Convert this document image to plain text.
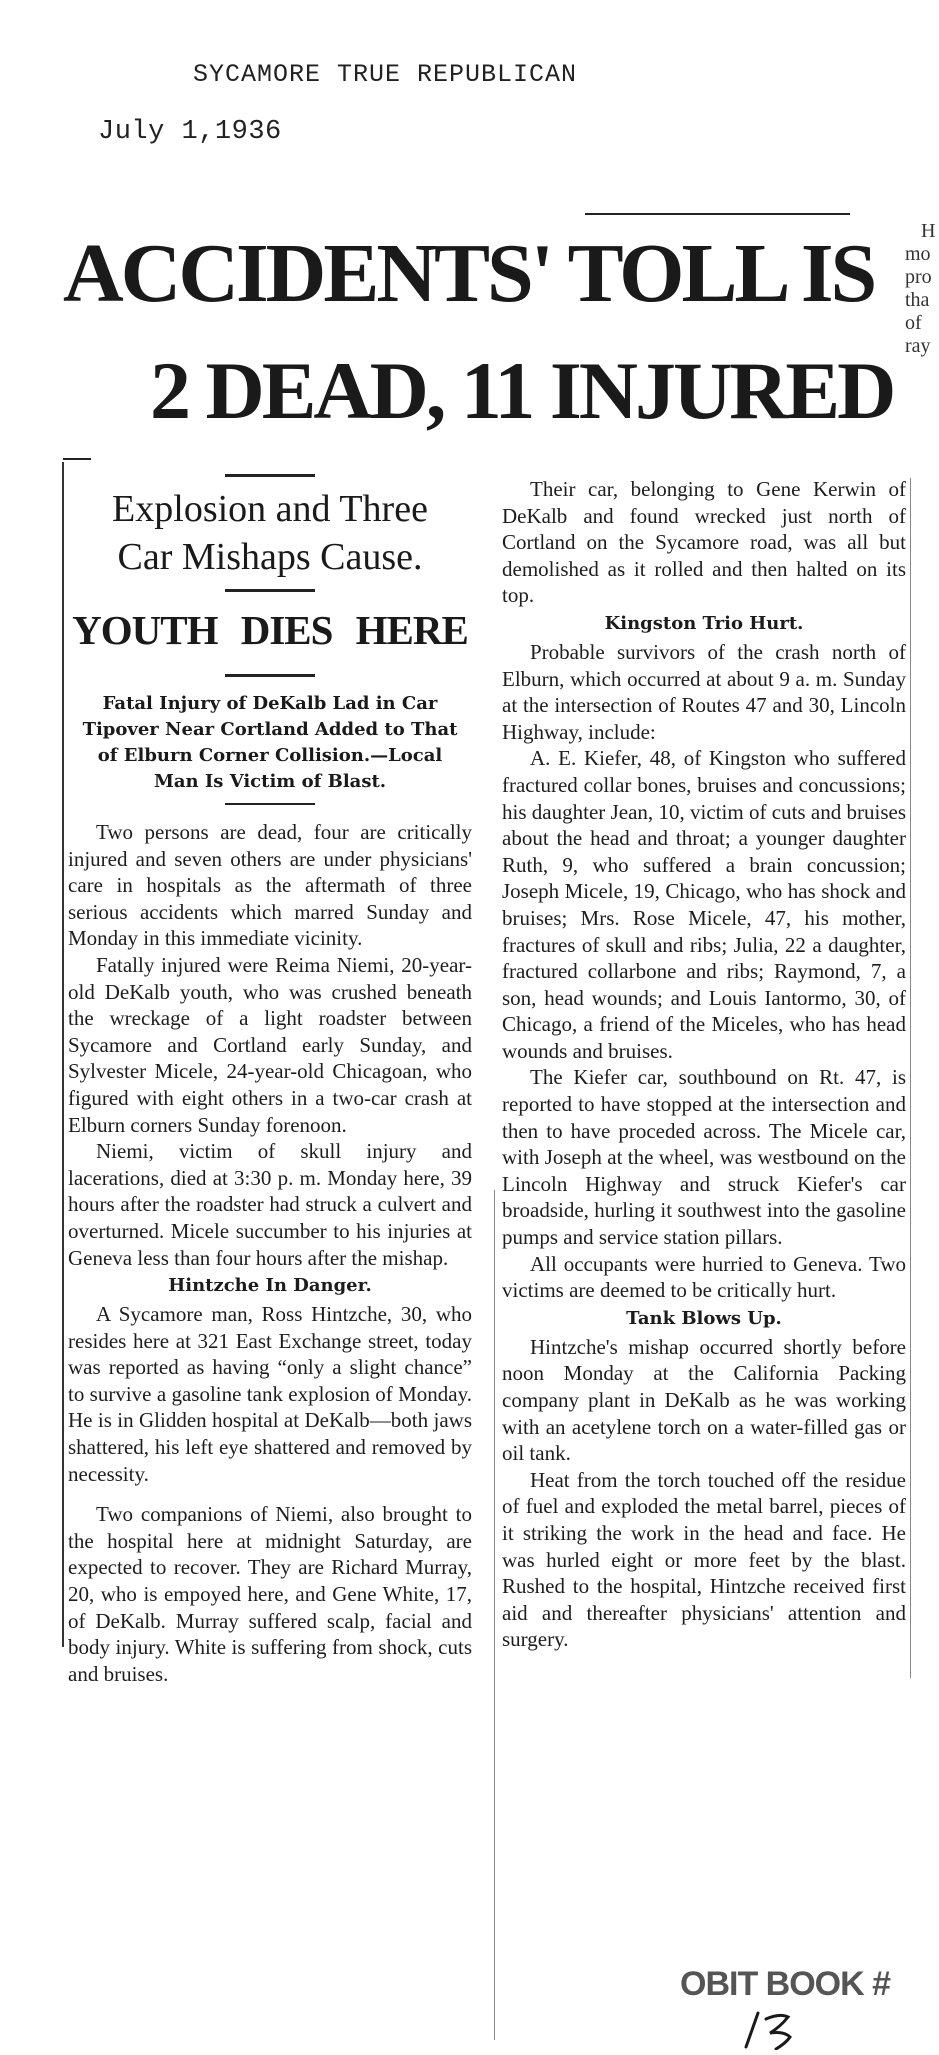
SYCAMORE TRUE REPUBLICAN
July 1,1936
ACCIDENTS' TOLL IS
2 DEAD, 11 INJURED
H
mo
pro
tha
of
ray
Explosion and Three
Car Mishaps Cause.
YOUTH DIES HERE
Fatal Injury of DeKalb Lad in Car Tipover Near Cortland Added to That of Elburn Corner Collision.—Local Man Is Victim of Blast.

Two persons are dead, four are critically injured and seven others are under physicians' care in hospitals as the aftermath of three serious accidents which marred Sunday and Monday in this immediate vicinity.

Fatally injured were Reima Niemi, 20-year-old DeKalb youth, who was crushed beneath the wreckage of a light roadster between Sycamore and Cortland early Sunday, and Sylvester Micele, 24-year-old Chicagoan, who figured with eight others in a two-car crash at Elburn corners Sunday forenoon.

Niemi, victim of skull injury and lacerations, died at 3:30 p. m. Monday here, 39 hours after the roadster had struck a culvert and overturned. Micele succumber to his injuries at Geneva less than four hours after the mishap.

Hintzche In Danger.

A Sycamore man, Ross Hintzche, 30, who resides here at 321 East Exchange street, today was reported as having “only a slight chance” to survive a gasoline tank explosion of Monday. He is in Glidden hospital at DeKalb—both jaws shattered, his left eye shattered and removed by necessity.

Two companions of Niemi, also brought to the hospital here at midnight Saturday, are expected to recover. They are Richard Murray, 20, who is empoyed here, and Gene White, 17, of DeKalb. Murray suffered scalp, facial and body injury. White is suffering from shock, cuts and bruises.

Their car, belonging to Gene Kerwin of DeKalb and found wrecked just north of Cortland on the Sycamore road, was all but demolished as it rolled and then halted on its top.

Kingston Trio Hurt.

Probable survivors of the crash north of Elburn, which occurred at about 9 a. m. Sunday at the intersection of Routes 47 and 30, Lincoln Highway, include:

A. E. Kiefer, 48, of Kingston who suffered fractured collar bones, bruises and concussions; his daughter Jean, 10, victim of cuts and bruises about the head and throat; a younger daughter Ruth, 9, who suffered a brain concussion; Joseph Micele, 19, Chicago, who has shock and bruises; Mrs. Rose Micele, 47, his mother, fractures of skull and ribs; Julia, 22 a daughter, fractured collarbone and ribs; Raymond, 7, a son, head wounds; and Louis Iantormo, 30, of Chicago, a friend of the Miceles, who has head wounds and bruises.

The Kiefer car, southbound on Rt. 47, is reported to have stopped at the intersection and then to have proceded across. The Micele car, with Joseph at the wheel, was westbound on the Lincoln Highway and struck Kiefer's car broadside, hurling it southwest into the gasoline pumps and service station pillars.

All occupants were hurried to Geneva. Two victims are deemed to be critically hurt.

Tank Blows Up.

Hintzche's mishap occurred shortly before noon Monday at the California Packing company plant in DeKalb as he was working with an acetylene torch on a water-filled gas or oil tank.

Heat from the torch touched off the residue of fuel and exploded the metal barrel, pieces of it striking the work in the head and face. He was hurled eight or more feet by the blast. Rushed to the hospital, Hintzche received first aid and thereafter physicians' attention and surgery.

OBIT BOOK #
